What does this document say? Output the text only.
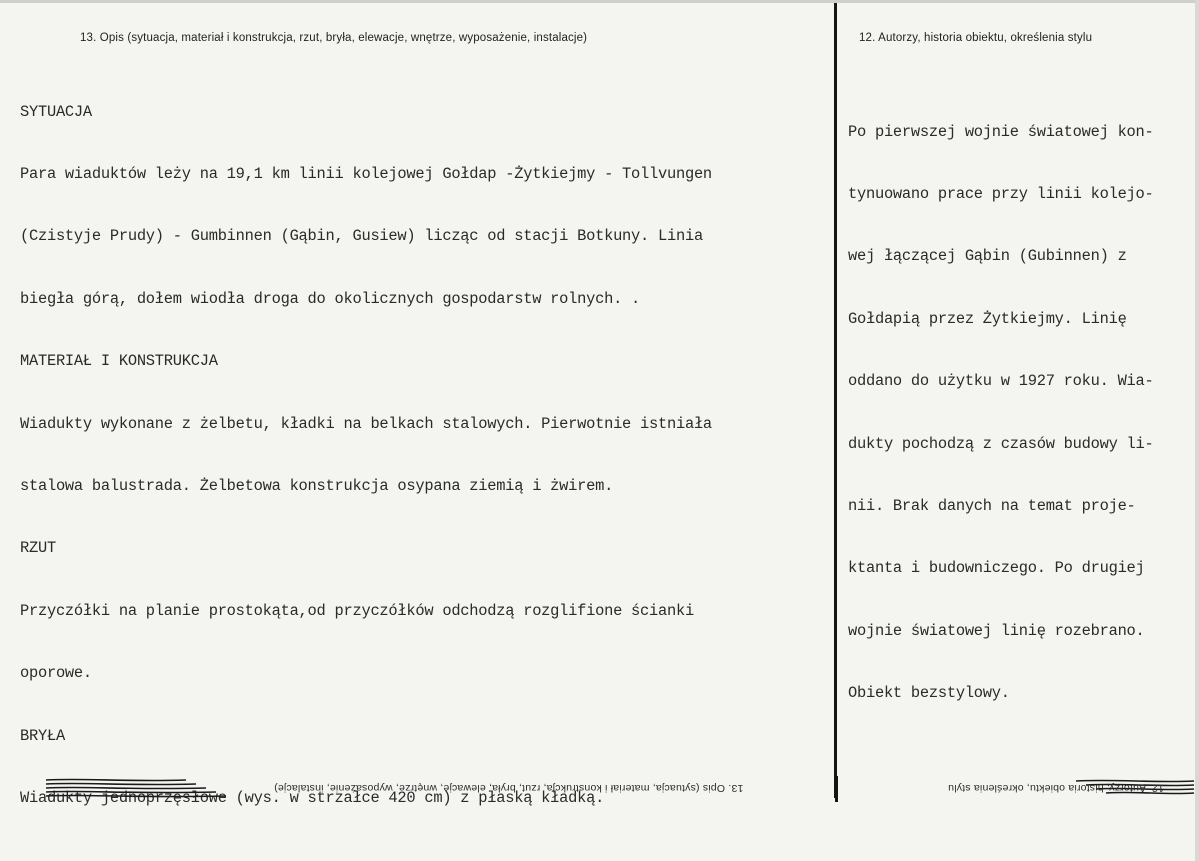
13. Opis (sytuacja, materiał i konstrukcja, rzut, bryła, elewacje, wnętrze, wyposażenie, instalacje)	12. Autorzy, historia obiektu, określenia stylu

SYTUACJA

Para wiaduktów leży na 19,1 km linii kolejowej Gołdap -Żytkiejmy - Tollvungen

(Czistyje Prudy) - Gumbinnen (Gąbin, Gusiew) licząc od stacji Botkuny. Linia

biegła górą, dołem wiodła droga do okolicznych gospodarstw rolnych. .

MATERIAŁ I KONSTRUKCJA

Wiadukty wykonane z żelbetu, kładki na belkach stalowych. Pierwotnie istniała

stalowa balustrada. Żelbetowa konstrukcja osypana ziemią i żwirem.

RZUT

Przyczółki na planie prostokąta,od przyczółków odchodzą rozglifione ścianki

oporowe.

BRYŁA

Wiadukty jednoprzęsłowe (wys. w strzałce 420 cm) z płaską kładką.

Po pierwszej wojnie światowej kon-

tynuowano prace przy linii kolejo-

wej łączącej Gąbin (Gubinnen) z

Gołdapią przez Żytkiejmy. Linię

oddano do użytku w 1927 roku. Wia-

dukty pochodzą z czasów budowy li-

nii. Brak danych na temat proje-

ktanta i budowniczego. Po drugiej

wojnie światowej linię rozebrano.

Obiekt bezstylowy.

13. Opis (sytuacja, materiał i konstrukcja, rzut, bryła, elewacje, wnętrze, wyposażenie, instalacje)	12. Autorzy, historia obiektu, określenia stylu
